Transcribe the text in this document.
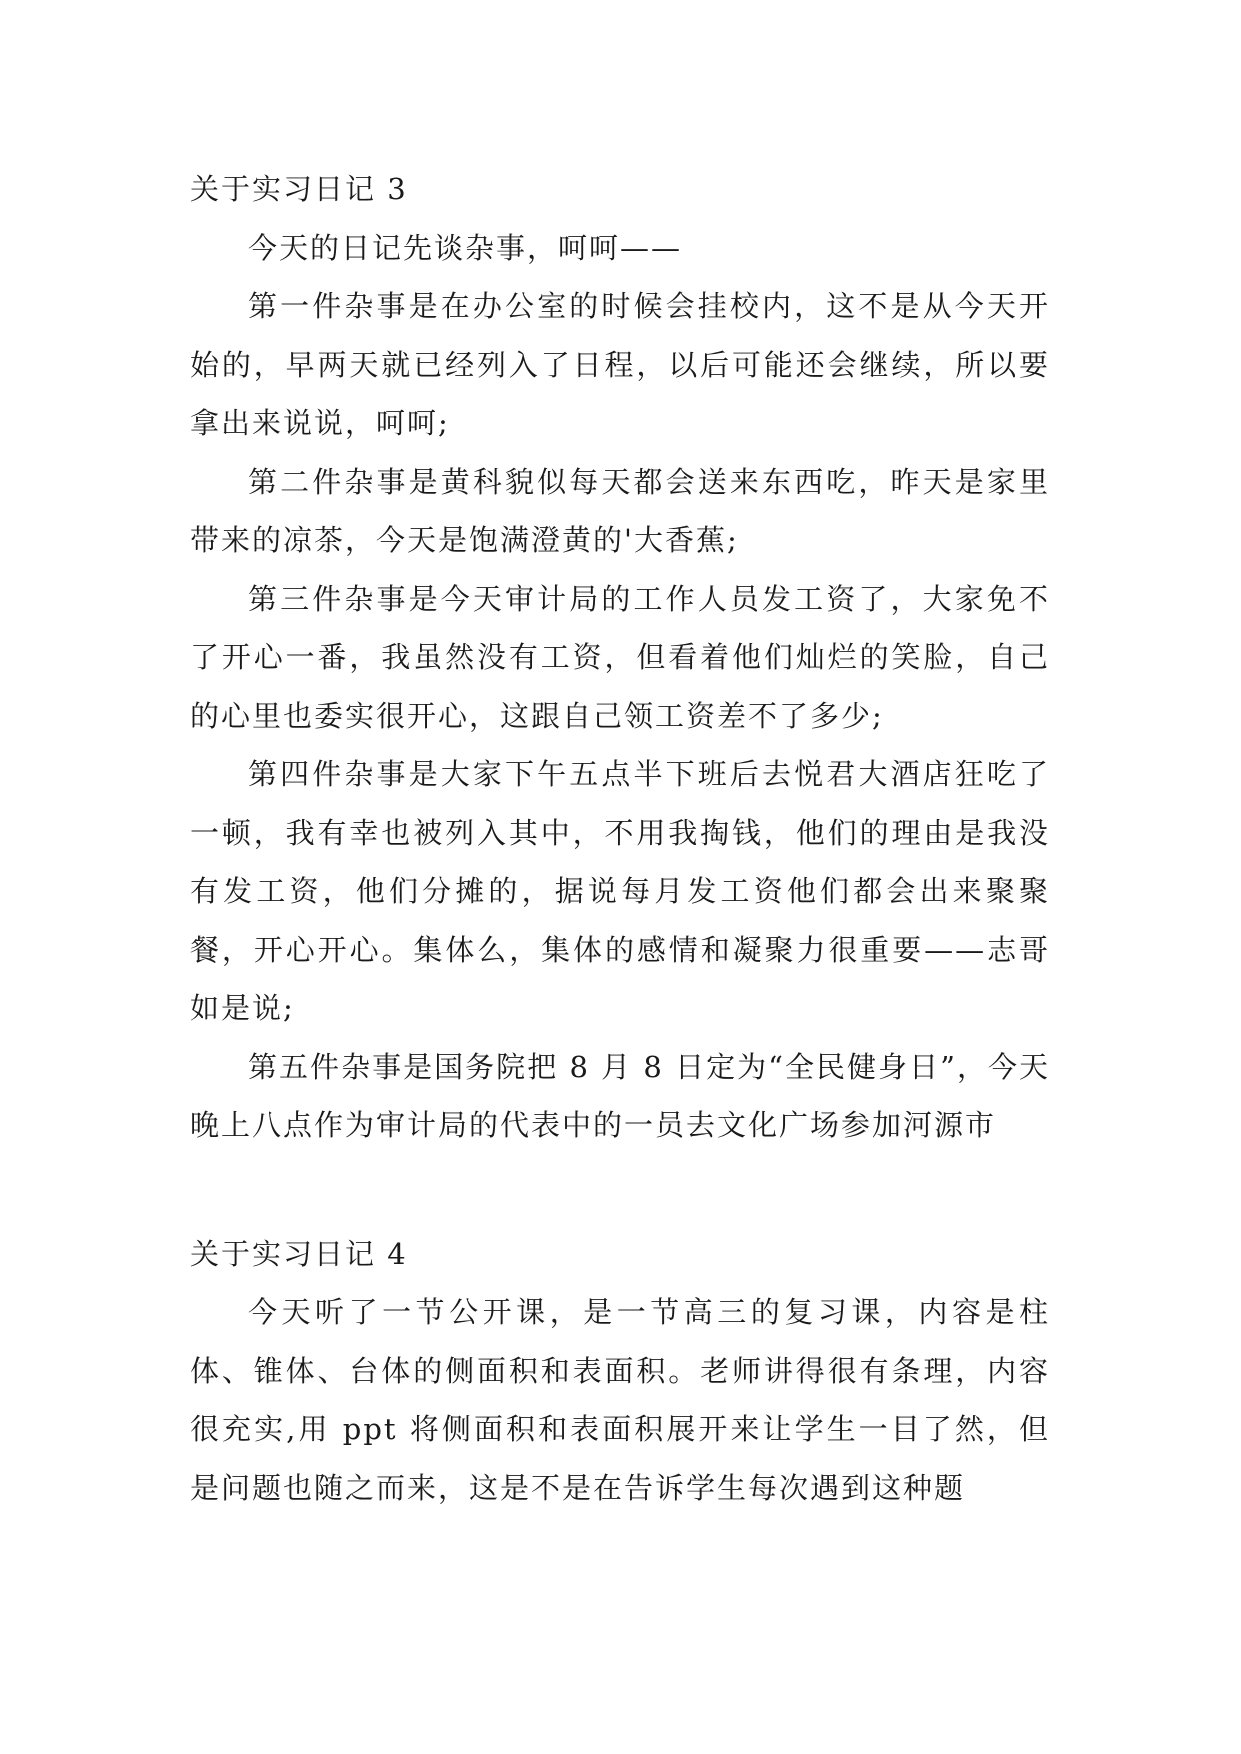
关于实习日记 3

今天的日记先谈杂事，呵呵——

第一件杂事是在办公室的时候会挂校内，这不是从今天开始的，早两天就已经列入了日程，以后可能还会继续，所以要拿出来说说，呵呵;

第二件杂事是黄科貌似每天都会送来东西吃，昨天是家里带来的凉茶，今天是饱满澄黄的'大香蕉;

第三件杂事是今天审计局的工作人员发工资了，大家免不了开心一番，我虽然没有工资，但看着他们灿烂的笑脸，自己的心里也委实很开心，这跟自己领工资差不了多少;

第四件杂事是大家下午五点半下班后去悦君大酒店狂吃了一顿，我有幸也被列入其中，不用我掏钱，他们的理由是我没有发工资，他们分摊的，据说每月发工资他们都会出来聚聚餐，开心开心。集体么，集体的感情和凝聚力很重要——志哥如是说;

第五件杂事是国务院把 8 月 8 日定为“全民健身日”，今天晚上八点作为审计局的代表中的一员去文化广场参加河源市

关于实习日记 4

今天听了一节公开课，是一节高三的复习课，内容是柱体、锥体、台体的侧面积和表面积。老师讲得很有条理，内容很充实,用 ppt 将侧面积和表面积展开来让学生一目了然，但是问题也随之而来，这是不是在告诉学生每次遇到这种题
